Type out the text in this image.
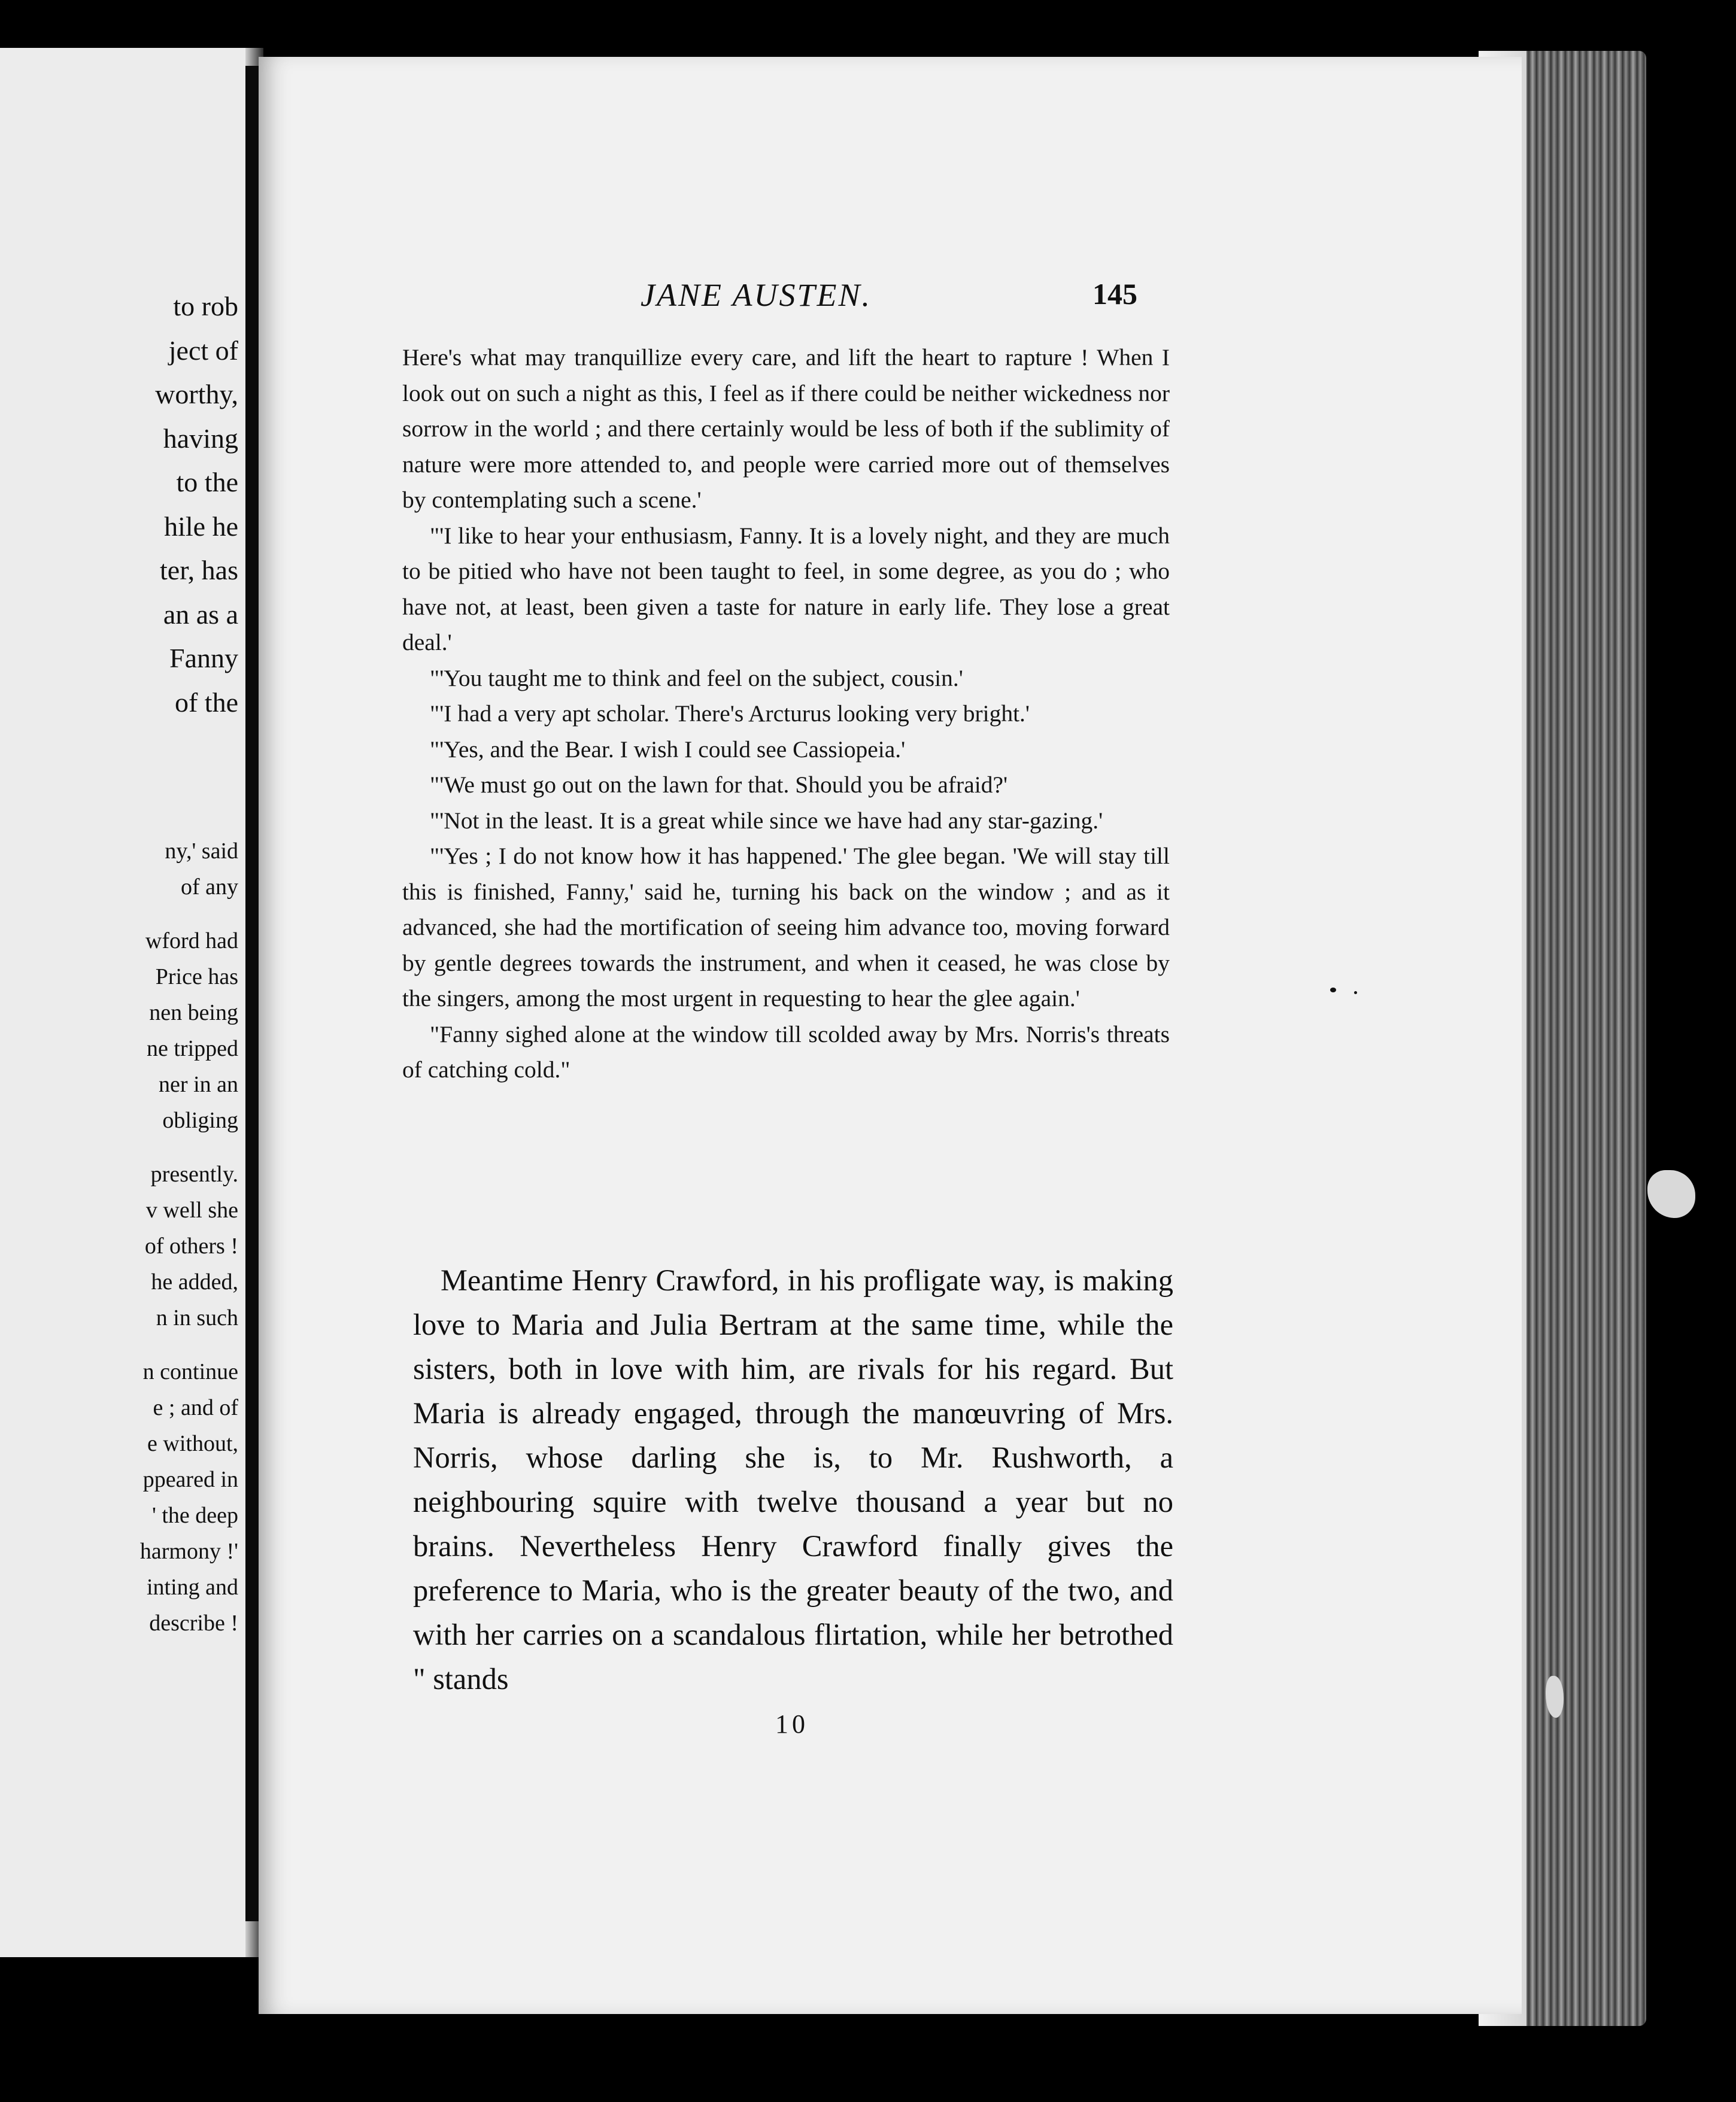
to rob
ject of
worthy,
having
to the
hile he
ter, has
an as a
Fanny
of the
ny,' said
of any
wford had
Price has
nen being
ne tripped
ner in an
obliging
presently.
v well she
of others !
he added,
n in such
n continue
e ; and of
e without,
ppeared in
' the deep
harmony !'
inting and
describe !
JANE AUSTEN.	145

Here's what may tranquillize every care, and lift the heart to rapture ! When I look out on such a night as this, I feel as if there could be neither wickedness nor sorrow in the world ; and there certainly would be less of both if the sublimity of nature were more attended to, and people were carried more out of themselves by contemplating such a scene.'

"'I like to hear your enthusiasm, Fanny. It is a lovely night, and they are much to be pitied who have not been taught to feel, in some degree, as you do ; who have not, at least, been given a taste for nature in early life. They lose a great deal.'

"'You taught me to think and feel on the subject, cousin.'

"'I had a very apt scholar. There's Arcturus looking very bright.'

"'Yes, and the Bear. I wish I could see Cassiopeia.'

"'We must go out on the lawn for that. Should you be afraid?'

"'Not in the least. It is a great while since we have had any star-gazing.'

"'Yes ; I do not know how it has happened.' The glee began. 'We will stay till this is finished, Fanny,' said he, turning his back on the window ; and as it advanced, she had the mortification of seeing him advance too, moving forward by gentle degrees towards the instrument, and when it ceased, he was close by the singers, among the most urgent in requesting to hear the glee again.'

"Fanny sighed alone at the window till scolded away by Mrs. Norris's threats of catching cold."

Meantime Henry Crawford, in his profligate way, is making love to Maria and Julia Bertram at the same time, while the sisters, both in love with him, are rivals for his regard. But Maria is already engaged, through the manœuvring of Mrs. Norris, whose darling she is, to Mr. Rushworth, a neighbouring squire with twelve thousand a year but no brains. Nevertheless Henry Crawford finally gives the preference to Maria, who is the greater beauty of the two, and with her carries on a scandalous flirtation, while her betrothed " stands

10
